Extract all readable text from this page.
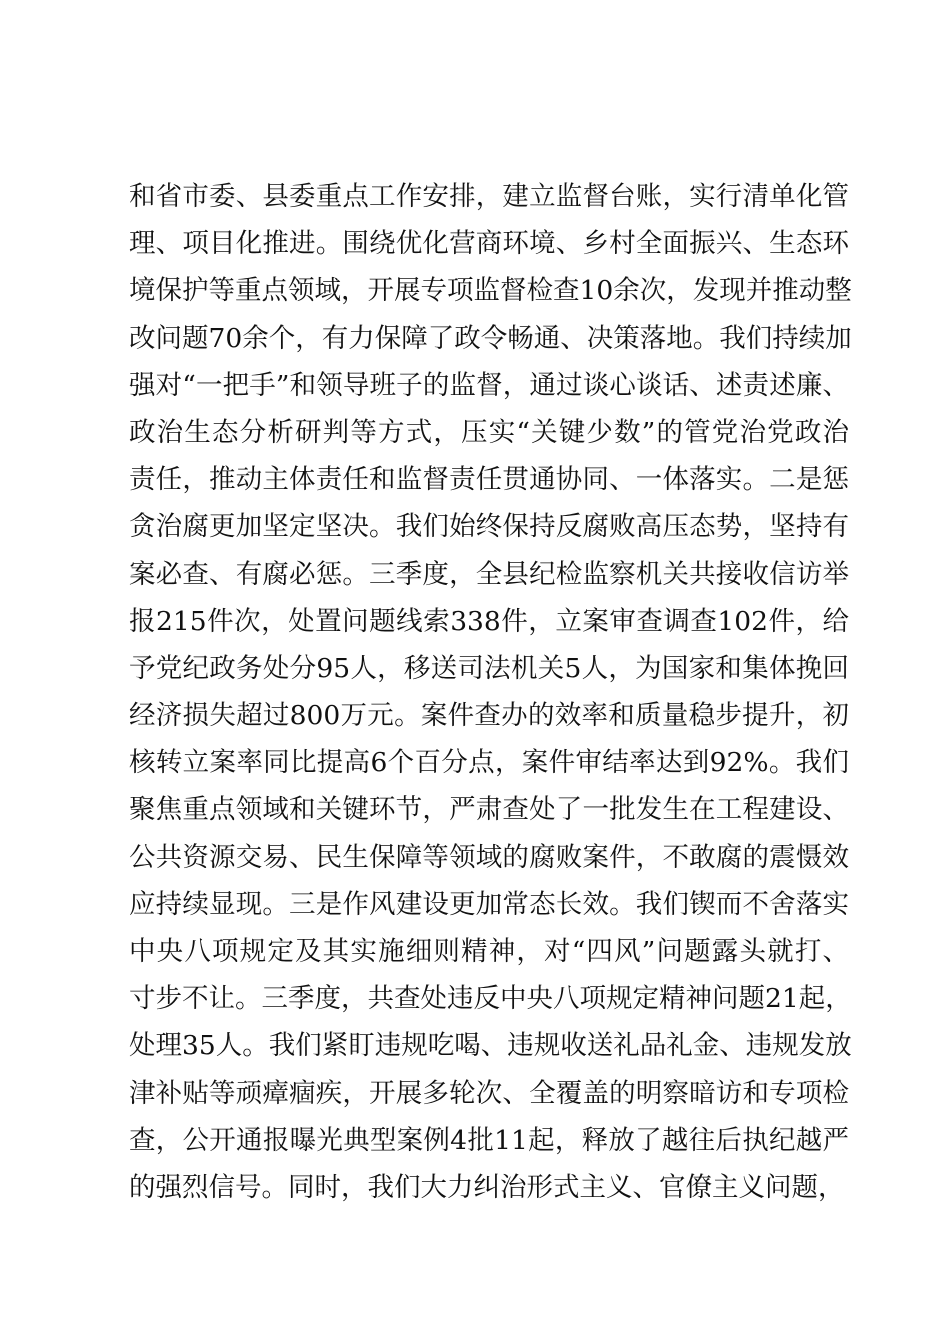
和省市委、县委重点工作安排，建立监督台账，实行清单化管
理、项目化推进。围绕优化营商环境、乡村全面振兴、生态环
境保护等重点领域，开展专项监督检查10余次，发现并推动整
改问题70余个，有力保障了政令畅通、决策落地。我们持续加
强对“一把手”和领导班子的监督，通过谈心谈话、述责述廉、
政治生态分析研判等方式，压实“关键少数”的管党治党政治
责任，推动主体责任和监督责任贯通协同、一体落实。二是惩
贪治腐更加坚定坚决。我们始终保持反腐败高压态势，坚持有
案必查、有腐必惩。三季度，全县纪检监察机关共接收信访举
报215件次，处置问题线索338件，立案审查调查102件，给
予党纪政务处分95人，移送司法机关5人，为国家和集体挽回
经济损失超过800万元。案件查办的效率和质量稳步提升，初
核转立案率同比提高6个百分点，案件审结率达到92%。我们
聚焦重点领域和关键环节，严肃查处了一批发生在工程建设、
公共资源交易、民生保障等领域的腐败案件，不敢腐的震慑效
应持续显现。三是作风建设更加常态长效。我们锲而不舍落实
中央八项规定及其实施细则精神，对“四风”问题露头就打、
寸步不让。三季度，共查处违反中央八项规定精神问题21起，
处理35人。我们紧盯违规吃喝、违规收送礼品礼金、违规发放
津补贴等顽瘴痼疾，开展多轮次、全覆盖的明察暗访和专项检
查，公开通报曝光典型案例4批11起，释放了越往后执纪越严
的强烈信号。同时，我们大力纠治形式主义、官僚主义问题，
